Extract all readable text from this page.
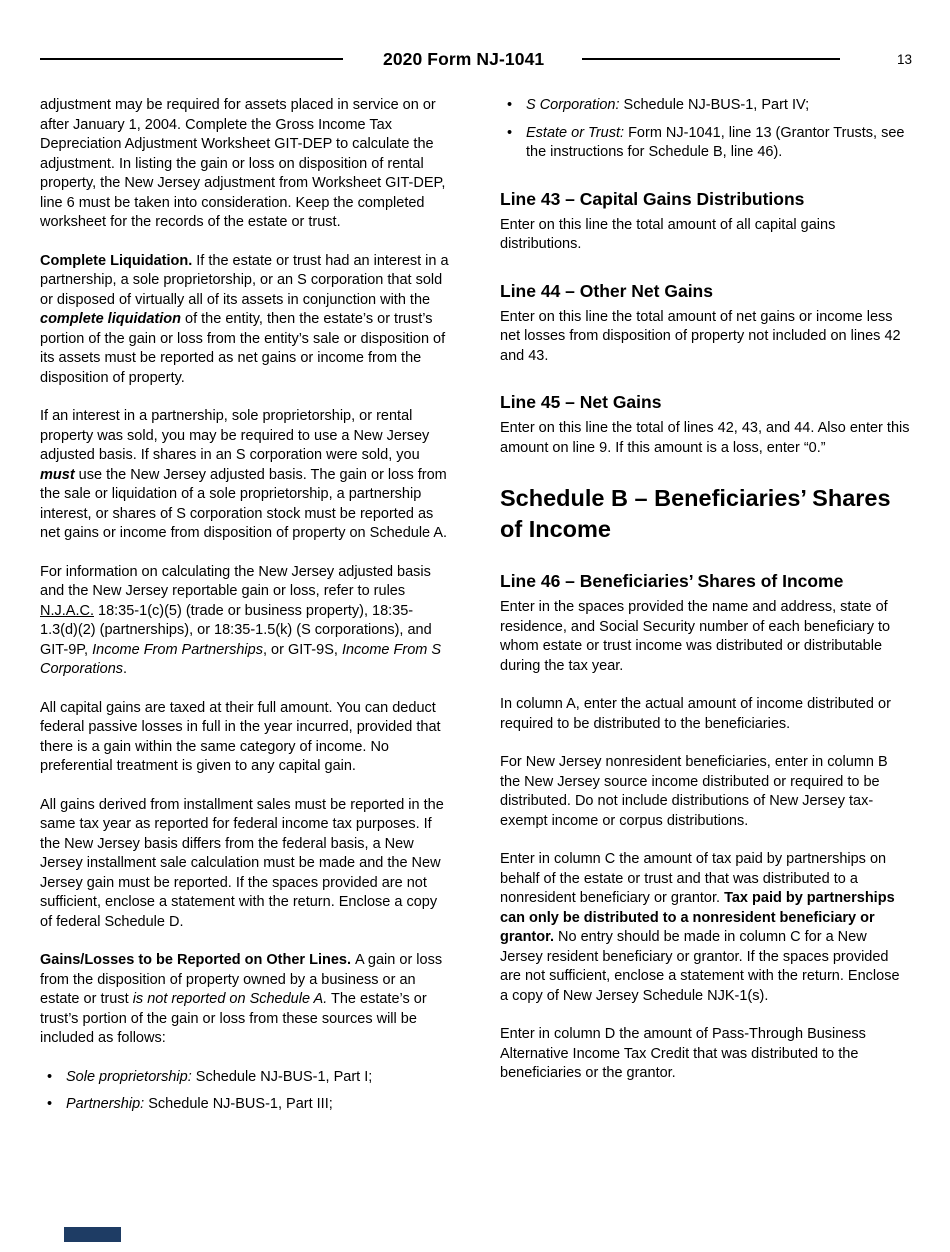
2020 Form NJ-1041	13

adjustment may be required for assets placed in service on or after January 1, 2004. Complete the Gross Income Tax Depreciation Adjustment Worksheet GIT-DEP to calculate the adjustment. In listing the gain or loss on disposition of rental property, the New Jersey adjustment from Worksheet GIT-DEP, line 6 must be taken into consideration. Keep the completed worksheet for the records of the estate or trust.

Complete Liquidation. If the estate or trust had an interest in a partnership, a sole proprietorship, or an S corporation that sold or disposed of virtually all of its assets in conjunction with the complete liquidation of the entity, then the estate’s or trust’s portion of the gain or loss from the entity’s sale or disposition of its assets must be reported as net gains or income from the disposition of property.

If an interest in a partnership, sole proprietorship, or rental property was sold, you may be required to use a New Jersey adjusted basis. If shares in an S corporation were sold, you must use the New Jersey adjusted basis. The gain or loss from the sale or liquidation of a sole proprietorship, a partnership interest, or shares of S corporation stock must be reported as net gains or income from disposition of property on Schedule A.

For information on calculating the New Jersey adjusted basis and the New Jersey reportable gain or loss, refer to rules N.J.A.C. 18:35-1(c)(5) (trade or business property), 18:35-1.3(d)(2) (partnerships), or 18:35-1.5(k) (S corporations), and GIT-9P, Income From Partnerships, or GIT-9S, Income From S Corporations.

All capital gains are taxed at their full amount. You can deduct federal passive losses in full in the year incurred, provided that there is a gain within the same category of income. No preferential treatment is given to any capital gain.

All gains derived from installment sales must be reported in the same tax year as reported for federal income tax purposes. If the New Jersey basis differs from the federal basis, a New Jersey installment sale calculation must be made and the New Jersey gain must be reported. If the spaces provided are not sufficient, enclose a statement with the return. Enclose a copy of federal Schedule D.

Gains/Losses to be Reported on Other Lines. A gain or loss from the disposition of property owned by a business or an estate or trust is not reported on Schedule A. The estate’s or trust’s portion of the gain or loss from these sources will be included as follows:

• Sole proprietorship: Schedule NJ-BUS-1, Part I;
• Partnership: Schedule NJ-BUS-1, Part III;
• S Corporation: Schedule NJ-BUS-1, Part IV;
• Estate or Trust: Form NJ-1041, line 13 (Grantor Trusts, see the instructions for Schedule B, line 46).
Line 43 – Capital Gains Distributions

Enter on this line the total amount of all capital gains distributions.

Line 44 – Other Net Gains

Enter on this line the total amount of net gains or income less net losses from disposition of property not included on lines 42 and 43.

Line 45 – Net Gains

Enter on this line the total of lines 42, 43, and 44. Also enter this amount on line 9. If this amount is a loss, enter “0.”

Schedule B – Beneficiaries’ Shares of Income
Line 46 – Beneficiaries’ Shares of Income

Enter in the spaces provided the name and address, state of residence, and Social Security number of each beneficiary to whom estate or trust income was distributed or distributable during the tax year.

In column A, enter the actual amount of income distributed or required to be distributed to the beneficiaries.

For New Jersey nonresident beneficiaries, enter in column B the New Jersey source income distributed or required to be distributed. Do not include distributions of New Jersey tax-exempt income or corpus distributions.

Enter in column C the amount of tax paid by partnerships on behalf of the estate or trust and that was distributed to a nonresident beneficiary or grantor. Tax paid by partnerships can only be distributed to a nonresident beneficiary or grantor. No entry should be made in column C for a New Jersey resident beneficiary or grantor. If the spaces provided are not sufficient, enclose a statement with the return. Enclose a copy of New Jersey Schedule NJK-1(s).

Enter in column D the amount of Pass-Through Business Alternative Income Tax Credit that was distributed to the beneficiaries or the grantor.
